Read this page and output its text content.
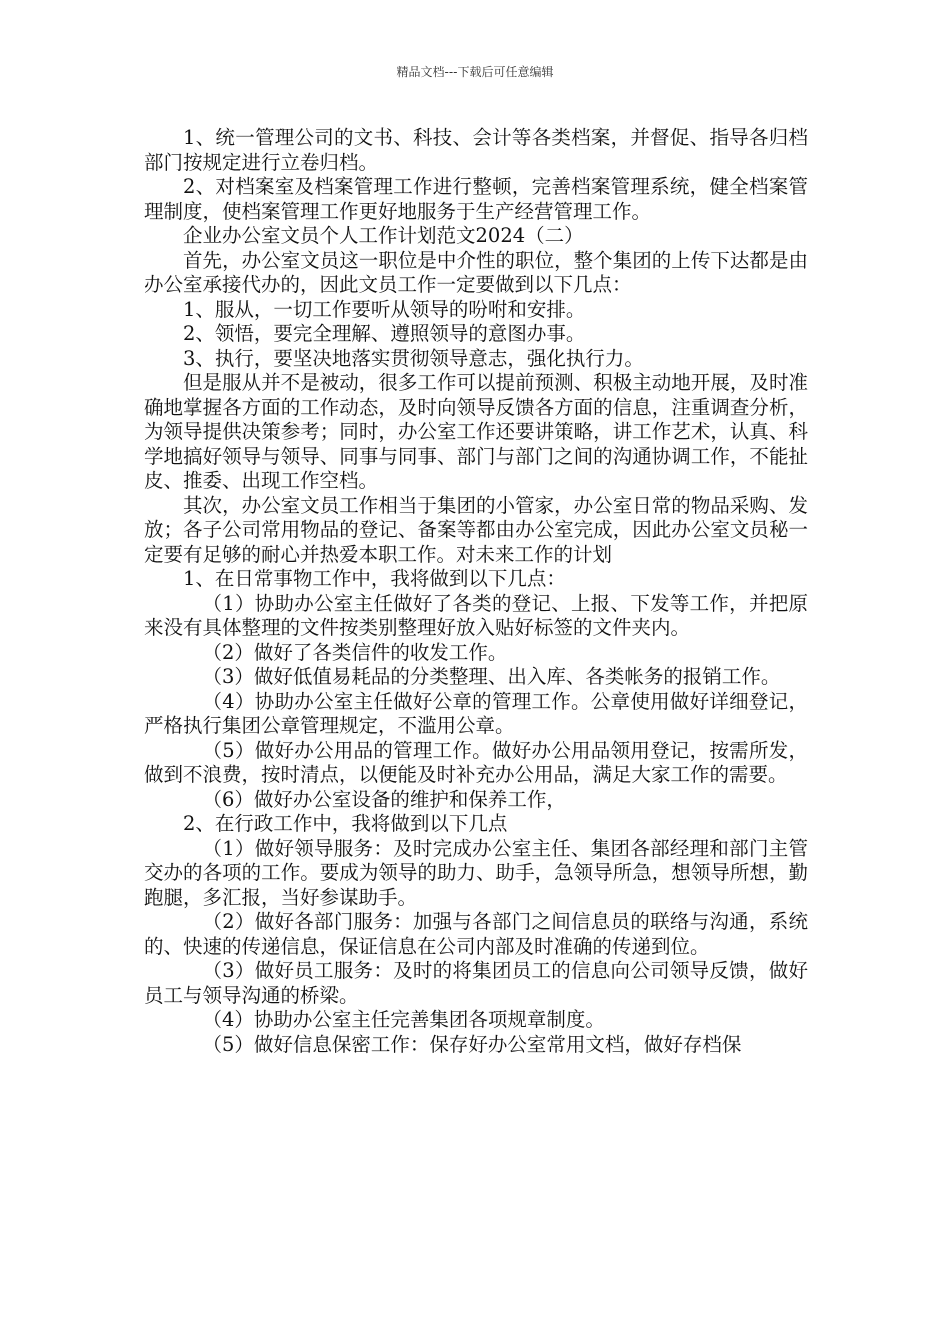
精品文档---下载后可任意编辑

1、统一管理公司的文书、科技、会计等各类档案，并督促、指导各归档部门按规定进行立卷归档。

2、对档案室及档案管理工作进行整顿，完善档案管理系统，健全档案管理制度，使档案管理工作更好地服务于生产经营管理工作。

企业办公室文员个人工作计划范文2024（二）

首先，办公室文员这一职位是中介性的职位，整个集团的上传下达都是由办公室承接代办的，因此文员工作一定要做到以下几点：

1、服从，一切工作要听从领导的吩咐和安排。

2、领悟，要完全理解、遵照领导的意图办事。

3、执行，要坚决地落实贯彻领导意志，强化执行力。

但是服从并不是被动，很多工作可以提前预测、积极主动地开展，及时准确地掌握各方面的工作动态，及时向领导反馈各方面的信息，注重调查分析，为领导提供决策参考；同时，办公室工作还要讲策略，讲工作艺术，认真、科学地搞好领导与领导、同事与同事、部门与部门之间的沟通协调工作，不能扯皮、推委、出现工作空档。

其次，办公室文员工作相当于集团的小管家，办公室日常的物品采购、发放；各子公司常用物品的登记、备案等都由办公室完成，因此办公室文员秘一定要有足够的耐心并热爱本职工作。对未来工作的计划

1、在日常事物工作中，我将做到以下几点：

（1）协助办公室主任做好了各类的登记、上报、下发等工作，并把原来没有具体整理的文件按类别整理好放入贴好标签的文件夹内。

（2）做好了各类信件的收发工作。

（3）做好低值易耗品的分类整理、出入库、各类帐务的报销工作。

（4）协助办公室主任做好公章的管理工作。公章使用做好详细登记，严格执行集团公章管理规定，不滥用公章。

（5）做好办公用品的管理工作。做好办公用品领用登记，按需所发，做到不浪费，按时清点，以便能及时补充办公用品，满足大家工作的需要。

（6）做好办公室设备的维护和保养工作，

2、在行政工作中，我将做到以下几点

（1）做好领导服务：及时完成办公室主任、集团各部经理和部门主管交办的各项的工作。要成为领导的助力、助手，急领导所急，想领导所想，勤跑腿，多汇报，当好参谋助手。

（2）做好各部门服务：加强与各部门之间信息员的联络与沟通，系统的、快速的传递信息，保证信息在公司内部及时准确的传递到位。

（3）做好员工服务：及时的将集团员工的信息向公司领导反馈，做好员工与领导沟通的桥梁。

（4）协助办公室主任完善集团各项规章制度。

（5）做好信息保密工作：保存好办公室常用文档，做好存档保
